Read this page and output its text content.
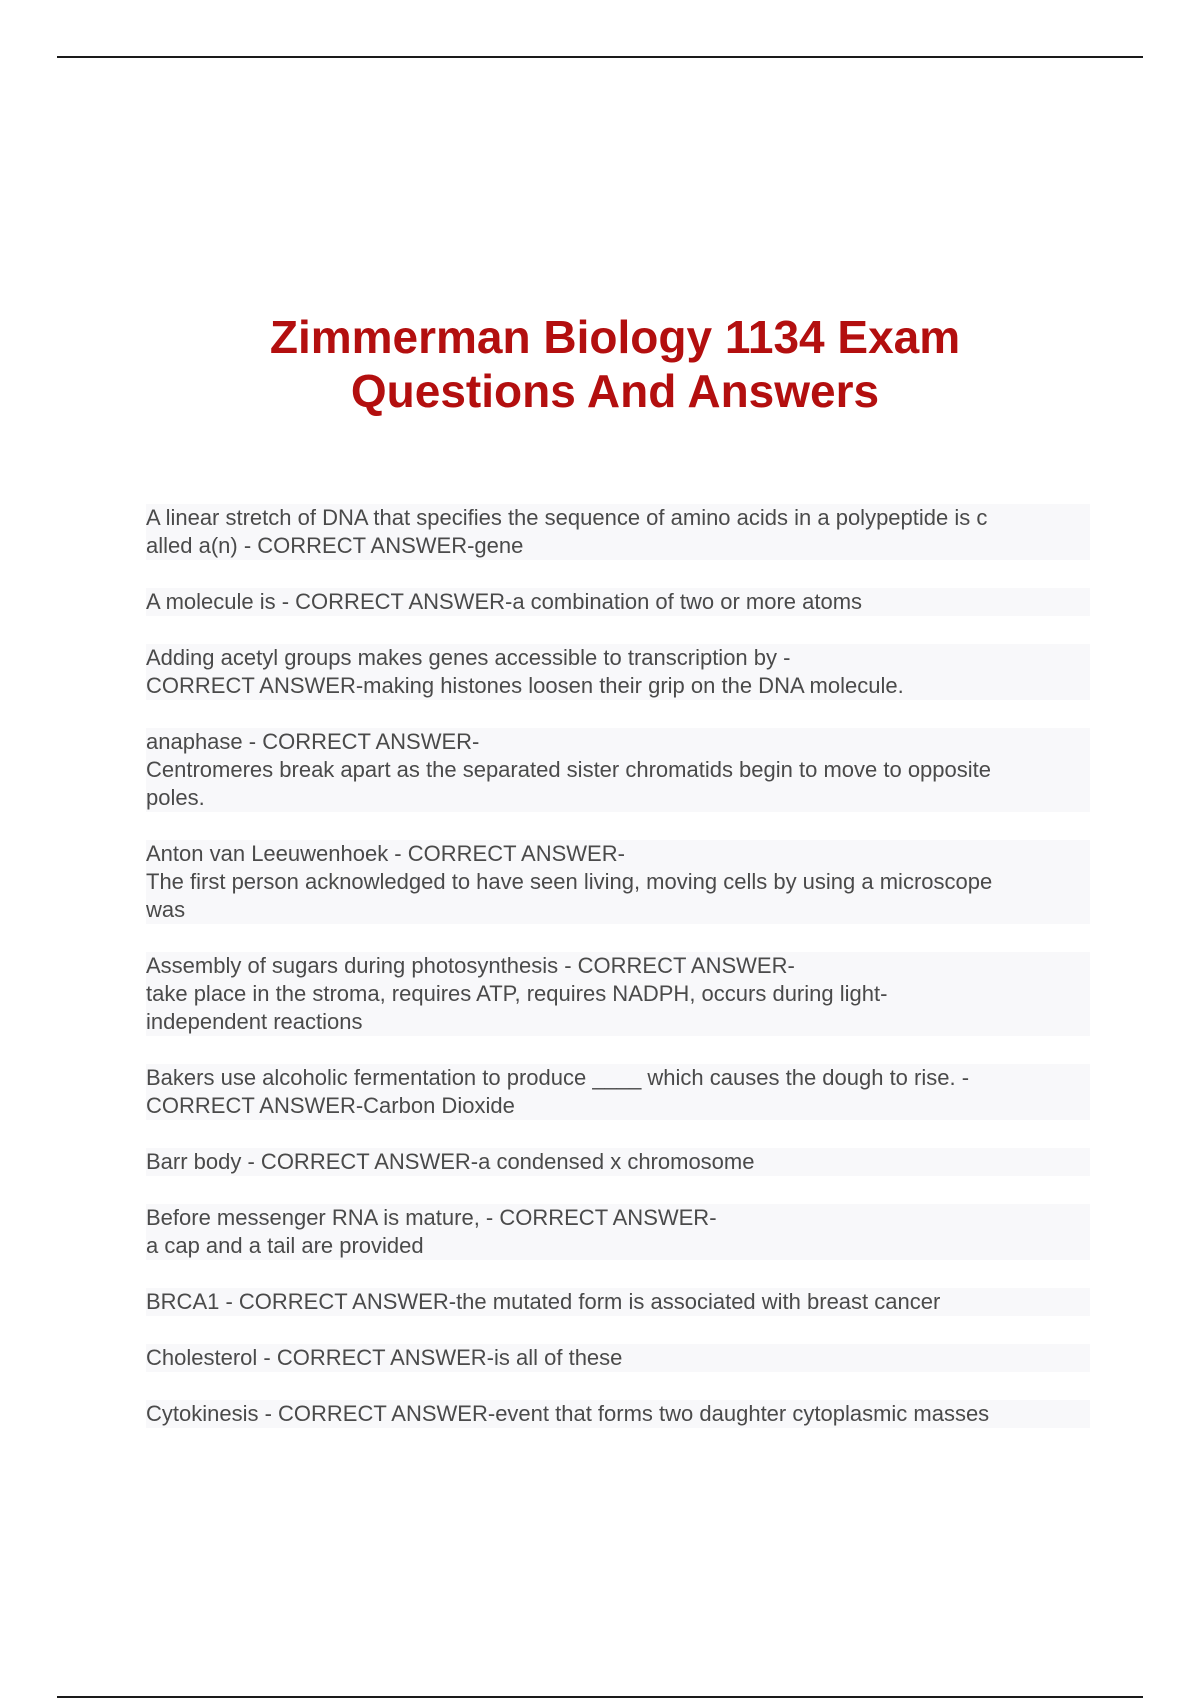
Zimmerman Biology 1134 Exam
Questions And Answers
A linear stretch of DNA that specifies the sequence of amino acids in a polypeptide is c
alled a(n) - CORRECT ANSWER-gene
A molecule is - CORRECT ANSWER-a combination of two or more atoms
Adding acetyl groups makes genes accessible to transcription by -
CORRECT ANSWER-making histones loosen their grip on the DNA molecule.
anaphase - CORRECT ANSWER-
Centromeres break apart as the separated sister chromatids begin to move to opposite
poles.
Anton van Leeuwenhoek - CORRECT ANSWER-
The first person acknowledged to have seen living, moving cells by using a microscope
was
Assembly of sugars during photosynthesis - CORRECT ANSWER-
take place in the stroma, requires ATP, requires NADPH, occurs during light-
independent reactions
Bakers use alcoholic fermentation to produce ____ which causes the dough to rise. -
CORRECT ANSWER-Carbon Dioxide
Barr body - CORRECT ANSWER-a condensed x chromosome
Before messenger RNA is mature, - CORRECT ANSWER-
a cap and a tail are provided
BRCA1 - CORRECT ANSWER-the mutated form is associated with breast cancer
Cholesterol - CORRECT ANSWER-is all of these
Cytokinesis - CORRECT ANSWER-event that forms two daughter cytoplasmic masses
